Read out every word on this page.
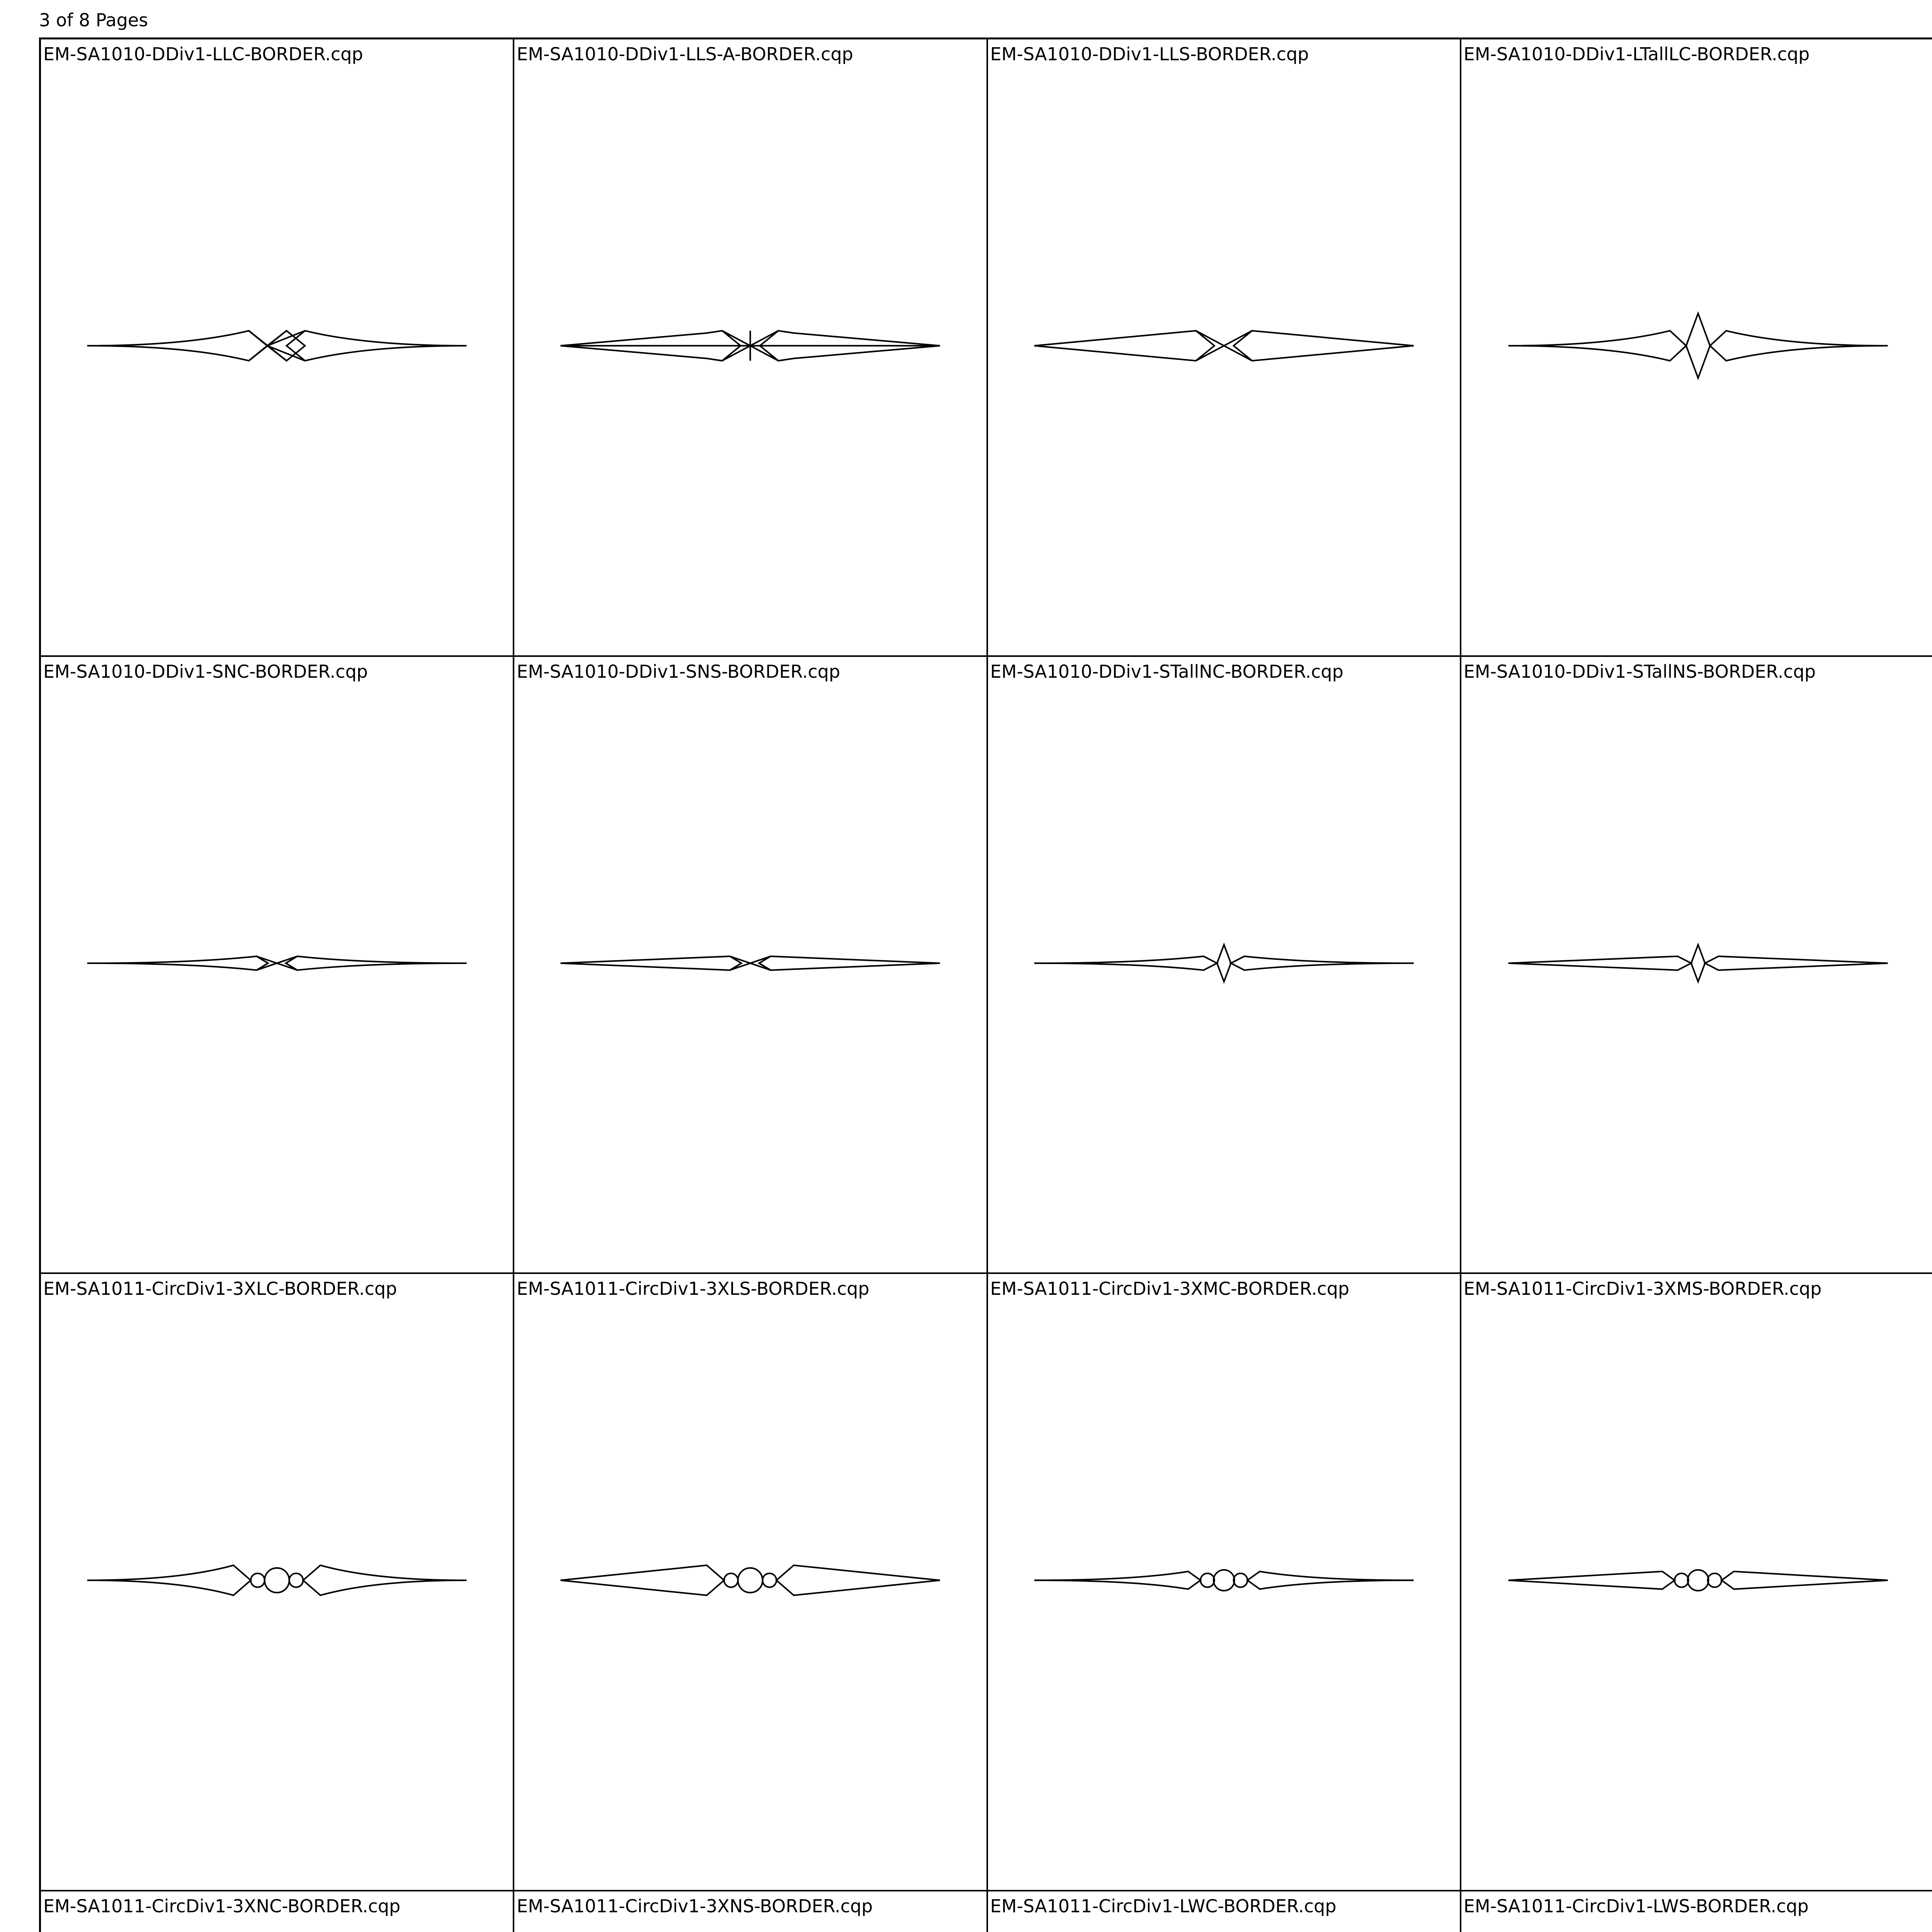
3 of 8 Pages
EM-SA1010-DDiv1-LLC-BORDER.cqp	EM-SA1010-DDiv1-LLS-A-BORDER.cqp	EM-SA1010-DDiv1-LLS-BORDER.cqp	EM-SA1010-DDiv1-LTallLC-BORDER.cqp
EM-SA1010-DDiv1-SNC-BORDER.cqp	EM-SA1010-DDiv1-SNS-BORDER.cqp	EM-SA1010-DDiv1-STallNC-BORDER.cqp	EM-SA1010-DDiv1-STallNS-BORDER.cqp
EM-SA1011-CircDiv1-3XLC-BORDER.cqp	EM-SA1011-CircDiv1-3XLS-BORDER.cqp	EM-SA1011-CircDiv1-3XMC-BORDER.cqp	EM-SA1011-CircDiv1-3XMS-BORDER.cqp
EM-SA1011-CircDiv1-3XNC-BORDER.cqp	EM-SA1011-CircDiv1-3XNS-BORDER.cqp	EM-SA1011-CircDiv1-LWC-BORDER.cqp	EM-SA1011-CircDiv1-LWS-BORDER.cqp
